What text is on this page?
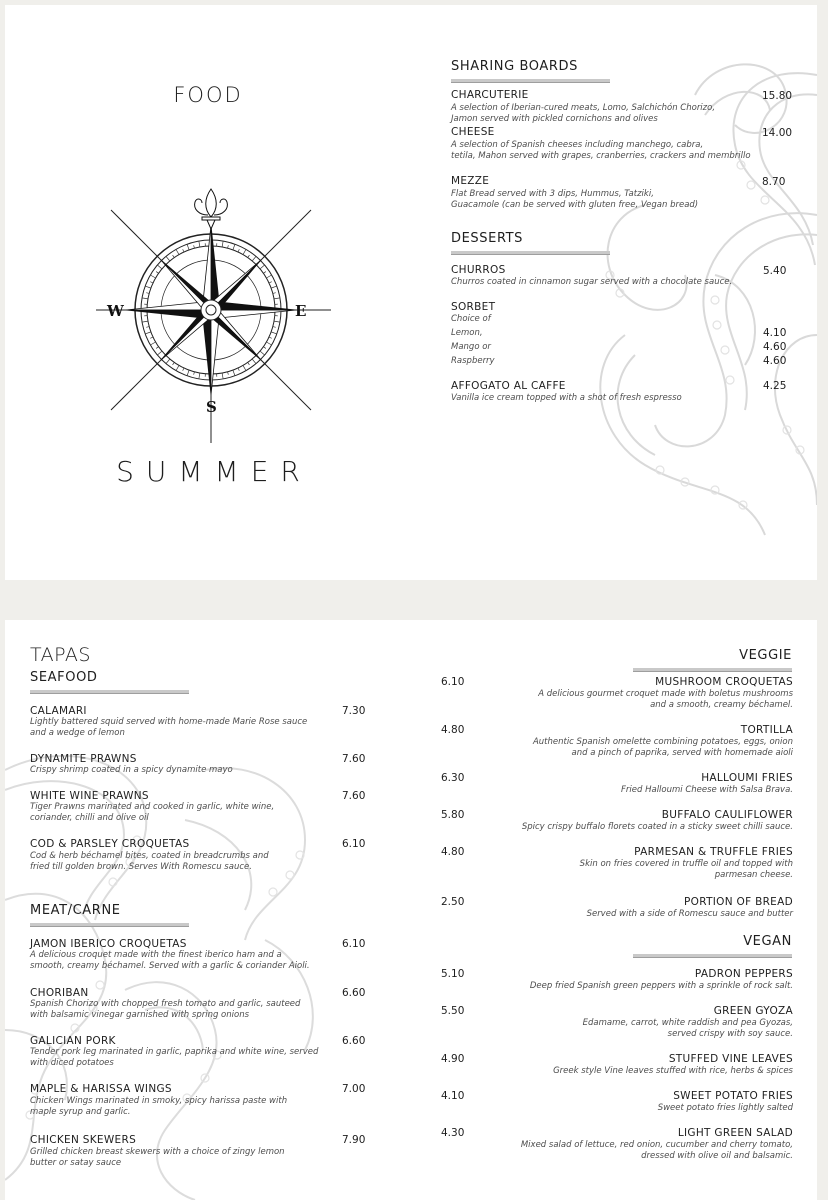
FOOD
W	E
S
SUMMER
SHARING BOARDS
CHARCUTERIE	15.80
A selection of Iberian-cured meats, Lomo, Salchichón Chorizo,
Jamon served with pickled cornichons and olives
CHEESE	14.00
A selection of Spanish cheeses including manchego, cabra,
tetila, Mahon served with grapes, cranberries, crackers and membrillo
MEZZE	8.70
Flat Bread served with 3 dips, Hummus, Tatziki,
Guacamole (can be served with gluten free, Vegan bread)
DESSERTS
CHURROS	5.40
Churros coated in cinnamon sugar served with a chocolate sauce.
SORBET
Choice of
Lemon,	4.10
Mango or	4.60
Raspberry	4.60
AFFOGATO AL CAFFE	4.25
Vanilla ice cream topped with a shot of fresh espresso
TAPAS
SEAFOOD
CALAMARI	7.30
Lightly battered squid served with home-made Marie Rose sauce
and a wedge of lemon
DYNAMITE PRAWNS	7.60
Crispy shrimp coated in a spicy dynamite mayo
WHITE WINE PRAWNS	7.60
Tiger Prawns marinated and cooked in garlic, white wine,
coriander, chilli and olive oil
COD & PARSLEY CROQUETAS	6.10
Cod & herb béchamel bites, coated in breadcrumbs and
fried till golden brown. Serves With Romescu sauce.
MEAT/CARNE
JAMON IBERICO CROQUETAS	6.10
A delicious croquet made with the finest iberico ham and a
smooth, creamy béchamel. Served with a garlic & coriander Aioli.
CHORIBAN	6.60
Spanish Chorizo with chopped fresh tomato and garlic, sauteed
with balsamic vinegar garnished with spring onions
GALICIAN PORK	6.60
Tender pork leg marinated in garlic, paprika and white wine, served
with diced potatoes
MAPLE & HARISSA WINGS	7.00
Chicken Wings marinated in smoky, spicy harissa paste with
maple syrup and garlic.
CHICKEN SKEWERS	7.90
Grilled chicken breast skewers with a choice of zingy lemon
butter or satay sauce
VEGGIE
6.10	MUSHROOM CROQUETAS
A delicious gourmet croquet made with boletus mushrooms
and a smooth, creamy béchamel.
4.80	TORTILLA
Authentic Spanish omelette combining potatoes, eggs, onion
and a pinch of paprika, served with homemade aioli
6.30	HALLOUMI FRIES
Fried Halloumi Cheese with Salsa Brava.
5.80	BUFFALO CAULIFLOWER
Spicy crispy buffalo florets coated in a sticky sweet chilli sauce.
4.80	PARMESAN & TRUFFLE FRIES
Skin on fries covered in truffle oil and topped with
parmesan cheese.
2.50	PORTION OF BREAD
Served with a side of Romescu sauce and butter
VEGAN
5.10	PADRON PEPPERS
Deep fried Spanish green peppers with a sprinkle of rock salt.
5.50	GREEN GYOZA
Edamame, carrot, white raddish and pea Gyozas,
served crispy with soy sauce.
4.90	STUFFED VINE LEAVES
Greek style Vine leaves stuffed with rice, herbs & spices
4.10	SWEET POTATO FRIES
Sweet potato fries lightly salted
4.30	LIGHT GREEN SALAD
Mixed salad of lettuce, red onion, cucumber and cherry tomato,
dressed with olive oil and balsamic.
